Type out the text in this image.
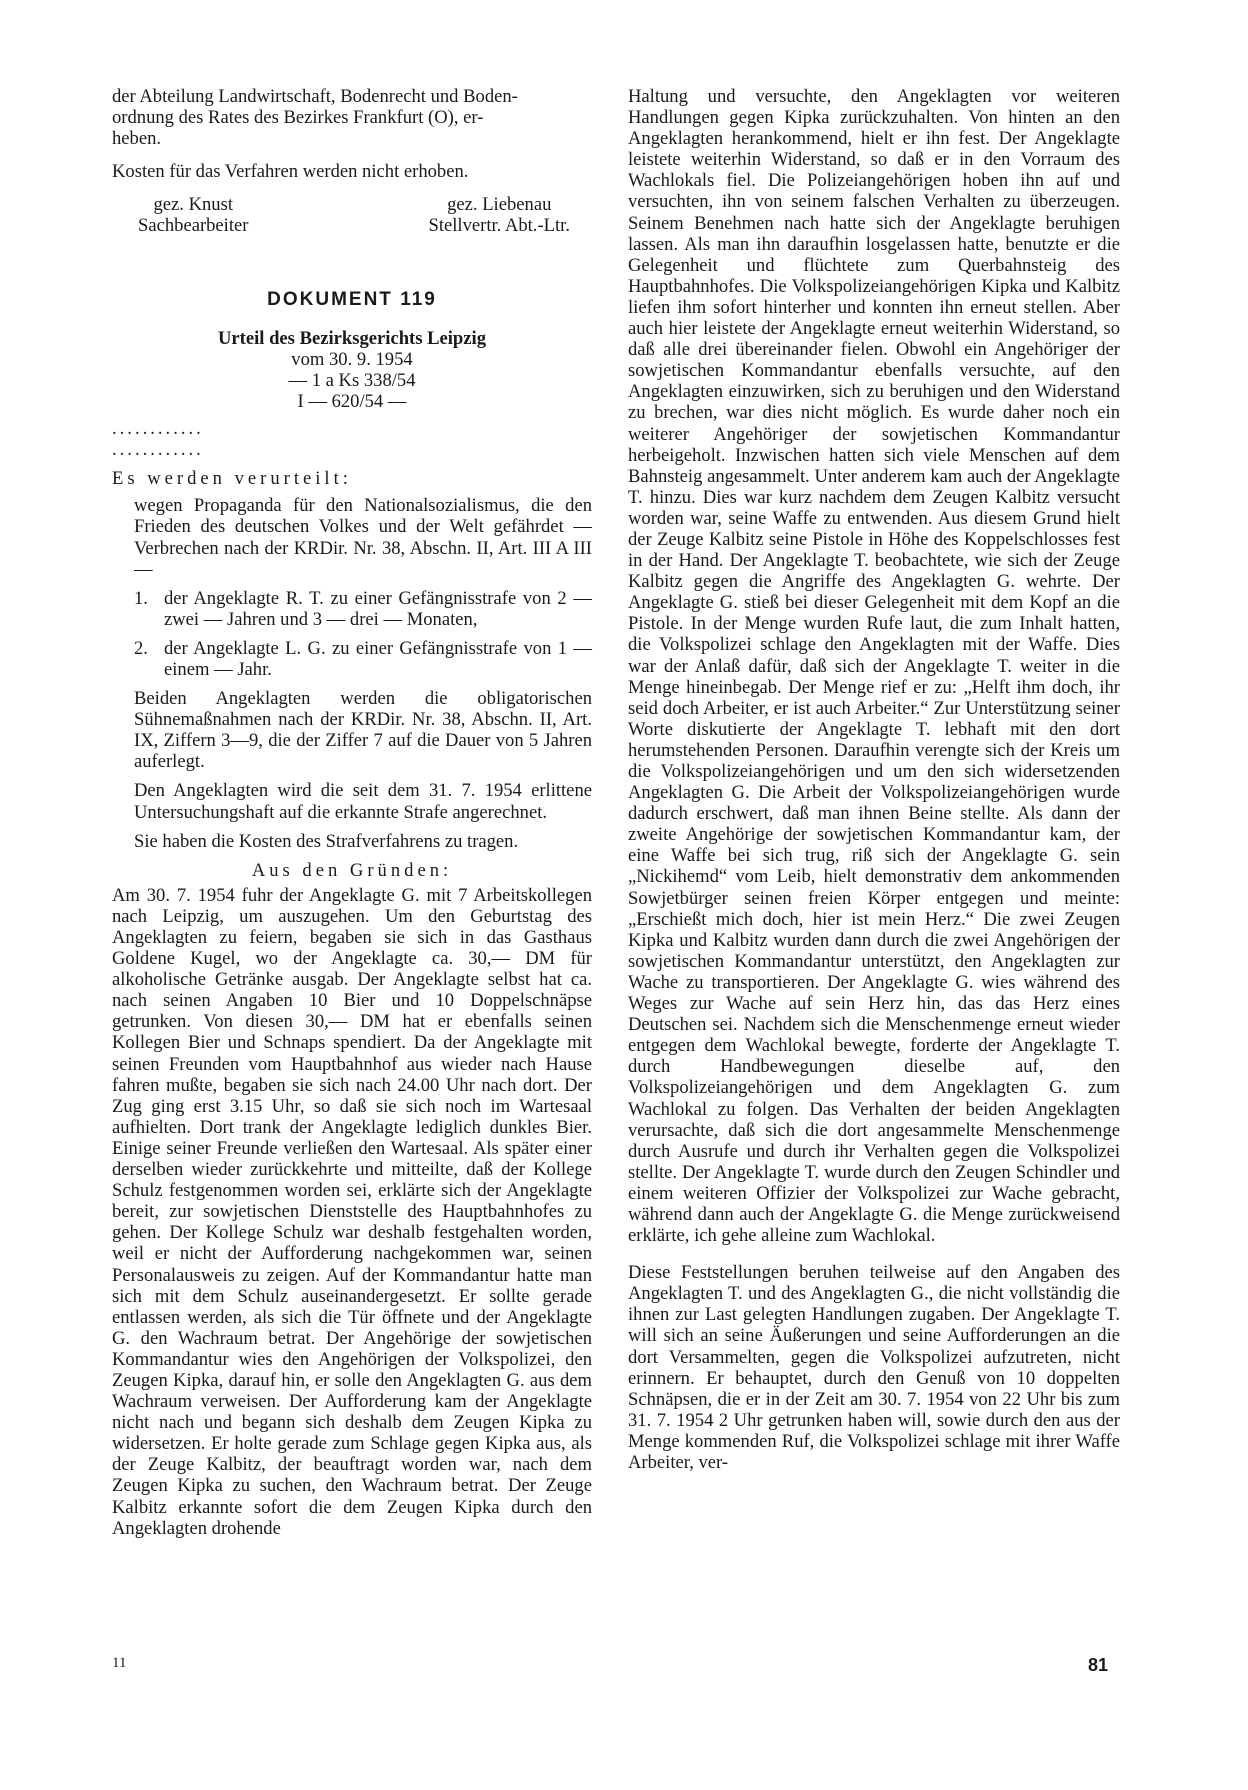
der Abteilung Landwirtschaft, Bodenrecht und Boden-

ordnung des Rates des Bezirkes Frankfurt (O), er-

heben.

Kosten für das Verfahren werden nicht erhoben.

gez. Knust
Sachbearbeiter
gez. Liebenau
Stellvertr. Abt.-Ltr.
DOKUMENT 119
Urteil des Bezirksgerichts Leipzig
vom 30. 9. 1954
— 1 a Ks 338/54
I — 620/54 —
............
............
Es werden verurteilt:

wegen Propaganda für den Nationalsozialismus, die den Frieden des deutschen Volkes und der Welt gefährdet — Verbrechen nach der KRDir. Nr. 38, Abschn. II, Art. III A III —

1. der Angeklagte R. T. zu einer Gefängnisstrafe von 2 — zwei — Jahren und 3 — drei — Monaten,
2. der Angeklagte L. G. zu einer Gefängnisstrafe von 1 — einem — Jahr.

Beiden Angeklagten werden die obligatorischen Sühnemaßnahmen nach der KRDir. Nr. 38, Abschn. II, Art. IX, Ziffern 3—9, die der Ziffer 7 auf die Dauer von 5 Jahren auferlegt.

Den Angeklagten wird die seit dem 31. 7. 1954 erlittene Untersuchungshaft auf die erkannte Strafe angerechnet.

Sie haben die Kosten des Strafverfahrens zu tragen.

Aus den Gründen:

Am 30. 7. 1954 fuhr der Angeklagte G. mit 7 Arbeitskollegen nach Leipzig, um auszugehen. Um den Geburtstag des Angeklagten zu feiern, begaben sie sich in das Gasthaus Goldene Kugel, wo der Angeklagte ca. 30,— DM für alkoholische Getränke ausgab. Der Angeklagte selbst hat ca. nach seinen Angaben 10 Bier und 10 Doppelschnäpse getrunken. Von diesen 30,— DM hat er ebenfalls seinen Kollegen Bier und Schnaps spendiert. Da der Angeklagte mit seinen Freunden vom Hauptbahnhof aus wieder nach Hause fahren mußte, begaben sie sich nach 24.00 Uhr nach dort. Der Zug ging erst 3.15 Uhr, so daß sie sich noch im Wartesaal aufhielten. Dort trank der Angeklagte lediglich dunkles Bier. Einige seiner Freunde verließen den Wartesaal. Als später einer derselben wieder zurückkehrte und mitteilte, daß der Kollege Schulz festgenommen worden sei, erklärte sich der Angeklagte bereit, zur sowjetischen Dienststelle des Hauptbahnhofes zu gehen. Der Kollege Schulz war deshalb festgehalten worden, weil er nicht der Aufforderung nachgekommen war, seinen Personalausweis zu zeigen. Auf der Kommandantur hatte man sich mit dem Schulz auseinandergesetzt. Er sollte gerade entlassen werden, als sich die Tür öffnete und der Angeklagte G. den Wachraum betrat. Der Angehörige der sowjetischen Kommandantur wies den Angehörigen der Volkspolizei, den Zeugen Kipka, darauf hin, er solle den Angeklagten G. aus dem Wachraum verweisen. Der Aufforderung kam der Angeklagte nicht nach und begann sich deshalb dem Zeugen Kipka zu widersetzen. Er holte gerade zum Schlage gegen Kipka aus, als der Zeuge Kalbitz, der beauftragt worden war, nach dem Zeugen Kipka zu suchen, den Wachraum betrat. Der Zeuge Kalbitz erkannte sofort die dem Zeugen Kipka durch den Angeklagten drohende

Haltung und versuchte, den Angeklagten vor weiteren Handlungen gegen Kipka zurückzuhalten. Von hinten an den Angeklagten herankommend, hielt er ihn fest. Der Angeklagte leistete weiterhin Widerstand, so daß er in den Vorraum des Wachlokals fiel. Die Polizeiangehörigen hoben ihn auf und versuchten, ihn von seinem falschen Verhalten zu überzeugen. Seinem Benehmen nach hatte sich der Angeklagte beruhigen lassen. Als man ihn daraufhin losgelassen hatte, benutzte er die Gelegenheit und flüchtete zum Querbahnsteig des Hauptbahnhofes. Die Volkspolizeiangehörigen Kipka und Kalbitz liefen ihm sofort hinterher und konnten ihn erneut stellen. Aber auch hier leistete der Angeklagte erneut weiterhin Widerstand, so daß alle drei übereinander fielen. Obwohl ein Angehöriger der sowjetischen Kommandantur ebenfalls versuchte, auf den Angeklagten einzuwirken, sich zu beruhigen und den Widerstand zu brechen, war dies nicht möglich. Es wurde daher noch ein weiterer Angehöriger der sowjetischen Kommandantur herbeigeholt. Inzwischen hatten sich viele Menschen auf dem Bahnsteig angesammelt. Unter anderem kam auch der Angeklagte T. hinzu. Dies war kurz nachdem dem Zeugen Kalbitz versucht worden war, seine Waffe zu entwenden. Aus diesem Grund hielt der Zeuge Kalbitz seine Pistole in Höhe des Koppelschlosses fest in der Hand. Der Angeklagte T. beobachtete, wie sich der Zeuge Kalbitz gegen die Angriffe des Angeklagten G. wehrte. Der Angeklagte G. stieß bei dieser Gelegenheit mit dem Kopf an die Pistole. In der Menge wurden Rufe laut, die zum Inhalt hatten, die Volkspolizei schlage den Angeklagten mit der Waffe. Dies war der Anlaß dafür, daß sich der Angeklagte T. weiter in die Menge hineinbegab. Der Menge rief er zu: „Helft ihm doch, ihr seid doch Arbeiter, er ist auch Arbeiter.“ Zur Unterstützung seiner Worte diskutierte der Angeklagte T. lebhaft mit den dort herumstehenden Personen. Daraufhin verengte sich der Kreis um die Volkspolizeiangehörigen und um den sich widersetzenden Angeklagten G. Die Arbeit der Volkspolizeiangehörigen wurde dadurch erschwert, daß man ihnen Beine stellte. Als dann der zweite Angehörige der sowjetischen Kommandantur kam, der eine Waffe bei sich trug, riß sich der Angeklagte G. sein „Nickihemd“ vom Leib, hielt demonstrativ dem ankommenden Sowjetbürger seinen freien Körper entgegen und meinte: „Erschießt mich doch, hier ist mein Herz.“ Die zwei Zeugen Kipka und Kalbitz wurden dann durch die zwei Angehörigen der sowjetischen Kommandantur unterstützt, den Angeklagten zur Wache zu transportieren. Der Angeklagte G. wies während des Weges zur Wache auf sein Herz hin, das das Herz eines Deutschen sei. Nachdem sich die Menschenmenge erneut wieder entgegen dem Wachlokal bewegte, forderte der Angeklagte T. durch Handbewegungen dieselbe auf, den Volkspolizeiangehörigen und dem Angeklagten G. zum Wachlokal zu folgen. Das Verhalten der beiden Angeklagten verursachte, daß sich die dort angesammelte Menschenmenge durch Ausrufe und durch ihr Verhalten gegen die Volkspolizei stellte. Der Angeklagte T. wurde durch den Zeugen Schindler und einem weiteren Offizier der Volkspolizei zur Wache gebracht, während dann auch der Angeklagte G. die Menge zurückweisend erklärte, ich gehe alleine zum Wachlokal.

Diese Feststellungen beruhen teilweise auf den Angaben des Angeklagten T. und des Angeklagten G., die nicht vollständig die ihnen zur Last gelegten Handlungen zugaben. Der Angeklagte T. will sich an seine Äußerungen und seine Aufforderungen an die dort Versammelten, gegen die Volkspolizei aufzutreten, nicht erinnern. Er behauptet, durch den Genuß von 10 doppelten Schnäpsen, die er in der Zeit am 30. 7. 1954 von 22 Uhr bis zum 31. 7. 1954 2 Uhr getrunken haben will, sowie durch den aus der Menge kommenden Ruf, die Volkspolizei schlage mit ihrer Waffe Arbeiter, ver-

11	81
